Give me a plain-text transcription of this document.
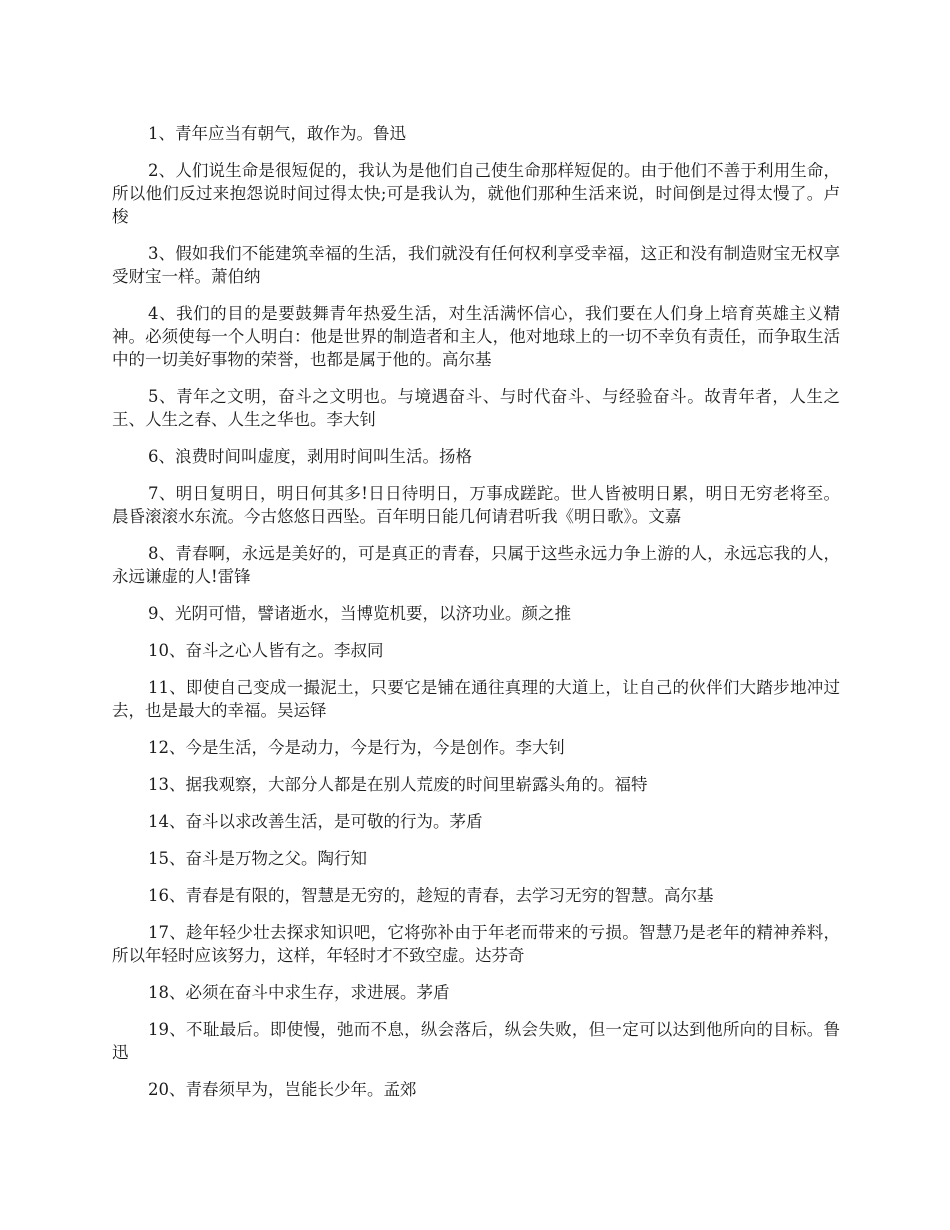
1、青年应当有朝气，敢作为。鲁迅

2、人们说生命是很短促的，我认为是他们自己使生命那样短促的。由于他们不善于利用生命，所以他们反过来抱怨说时间过得太快;可是我认为，就他们那种生活来说，时间倒是过得太慢了。卢梭

3、假如我们不能建筑幸福的生活，我们就没有任何权利享受幸福，这正和没有制造财宝无权享受财宝一样。萧伯纳

4、我们的目的是要鼓舞青年热爱生活，对生活满怀信心，我们要在人们身上培育英雄主义精神。必须使每一个人明白：他是世界的制造者和主人，他对地球上的一切不幸负有责任，而争取生活中的一切美好事物的荣誉，也都是属于他的。高尔基

5、青年之文明，奋斗之文明也。与境遇奋斗、与时代奋斗、与经验奋斗。故青年者，人生之王、人生之春、人生之华也。李大钊

6、浪费时间叫虚度，剥用时间叫生活。扬格

7、明日复明日，明日何其多!日日待明日，万事成蹉跎。世人皆被明日累，明日无穷老将至。晨昏滚滚水东流。今古悠悠日西坠。百年明日能几何请君听我《明日歌》。文嘉

8、青春啊，永远是美好的，可是真正的青春，只属于这些永远力争上游的人，永远忘我的人，永远谦虚的人!雷锋

9、光阴可惜，譬诸逝水，当博览机要，以济功业。颜之推

10、奋斗之心人皆有之。李叔同

11、即使自己变成一撮泥土，只要它是铺在通往真理的大道上，让自己的伙伴们大踏步地冲过去，也是最大的幸福。吴运铎

12、今是生活，今是动力，今是行为，今是创作。李大钊

13、据我观察，大部分人都是在别人荒废的时间里崭露头角的。福特

14、奋斗以求改善生活，是可敬的行为。茅盾

15、奋斗是万物之父。陶行知

16、青春是有限的，智慧是无穷的，趁短的青春，去学习无穷的智慧。高尔基

17、趁年轻少壮去探求知识吧，它将弥补由于年老而带来的亏损。智慧乃是老年的精神养料，所以年轻时应该努力，这样，年轻时才不致空虚。达芬奇

18、必须在奋斗中求生存，求进展。茅盾

19、不耻最后。即使慢，弛而不息，纵会落后，纵会失败，但一定可以达到他所向的目标。鲁迅

20、青春须早为，岂能长少年。孟郊
